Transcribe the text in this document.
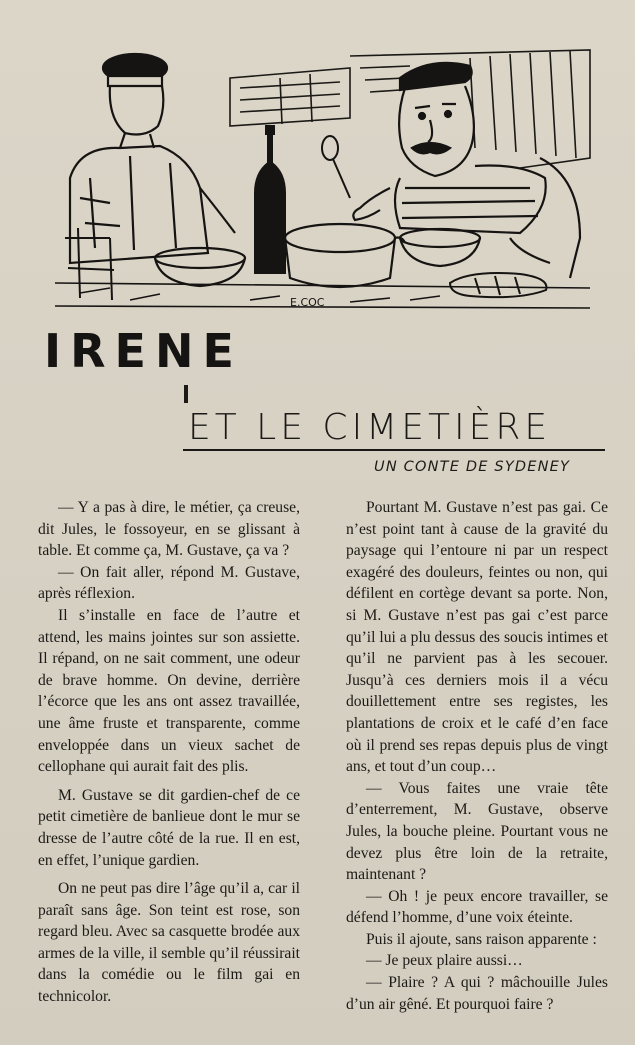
E.COC
IRENE
ET LE CIMETIÈRE
UN CONTE DE SYDENEY

— Y a pas à dire, le métier, ça creuse, dit Jules, le fossoyeur, en se glissant à table. Et comme ça, M. Gustave, ça va ?

— On fait aller, répond M. Gustave, après réflexion.

Il s’installe en face de l’autre et attend, les mains jointes sur son assiette. Il répand, on ne sait comment, une odeur de brave homme. On devine, derrière l’écorce que les ans ont assez travaillée, une âme fruste et transparente, comme enveloppée dans un vieux sachet de cellophane qui aurait fait des plis.

M. Gustave se dit gardien-chef de ce petit cimetière de banlieue dont le mur se dresse de l’autre côté de la rue. Il en est, en effet, l’unique gardien.

On ne peut pas dire l’âge qu’il a, car il paraît sans âge. Son teint est rose, son regard bleu. Avec sa casquette brodée aux armes de la ville, il semble qu’il réussirait dans la comédie ou le film gai en technicolor.

Pourtant M. Gustave n’est pas gai. Ce n’est point tant à cause de la gravité du paysage qui l’entoure ni par un respect exagéré des douleurs, feintes ou non, qui défilent en cortège devant sa porte. Non, si M. Gustave n’est pas gai c’est parce qu’il lui a plu dessus des soucis intimes et qu’il ne parvient pas à les secouer. Jusqu’à ces derniers mois il a vécu douillettement entre ses registes, les plantations de croix et le café d’en face où il prend ses repas depuis plus de vingt ans, et tout d’un coup…

— Vous faites une vraie tête d’enterrement, M. Gustave, observe Jules, la bouche pleine. Pourtant vous ne devez plus être loin de la retraite, maintenant ?

— Oh ! je peux encore travailler, se défend l’homme, d’une voix éteinte.

Puis il ajoute, sans raison apparente :

— Je peux plaire aussi…

— Plaire ? A qui ? mâchouille Jules d’un air gêné. Et pourquoi faire ?
